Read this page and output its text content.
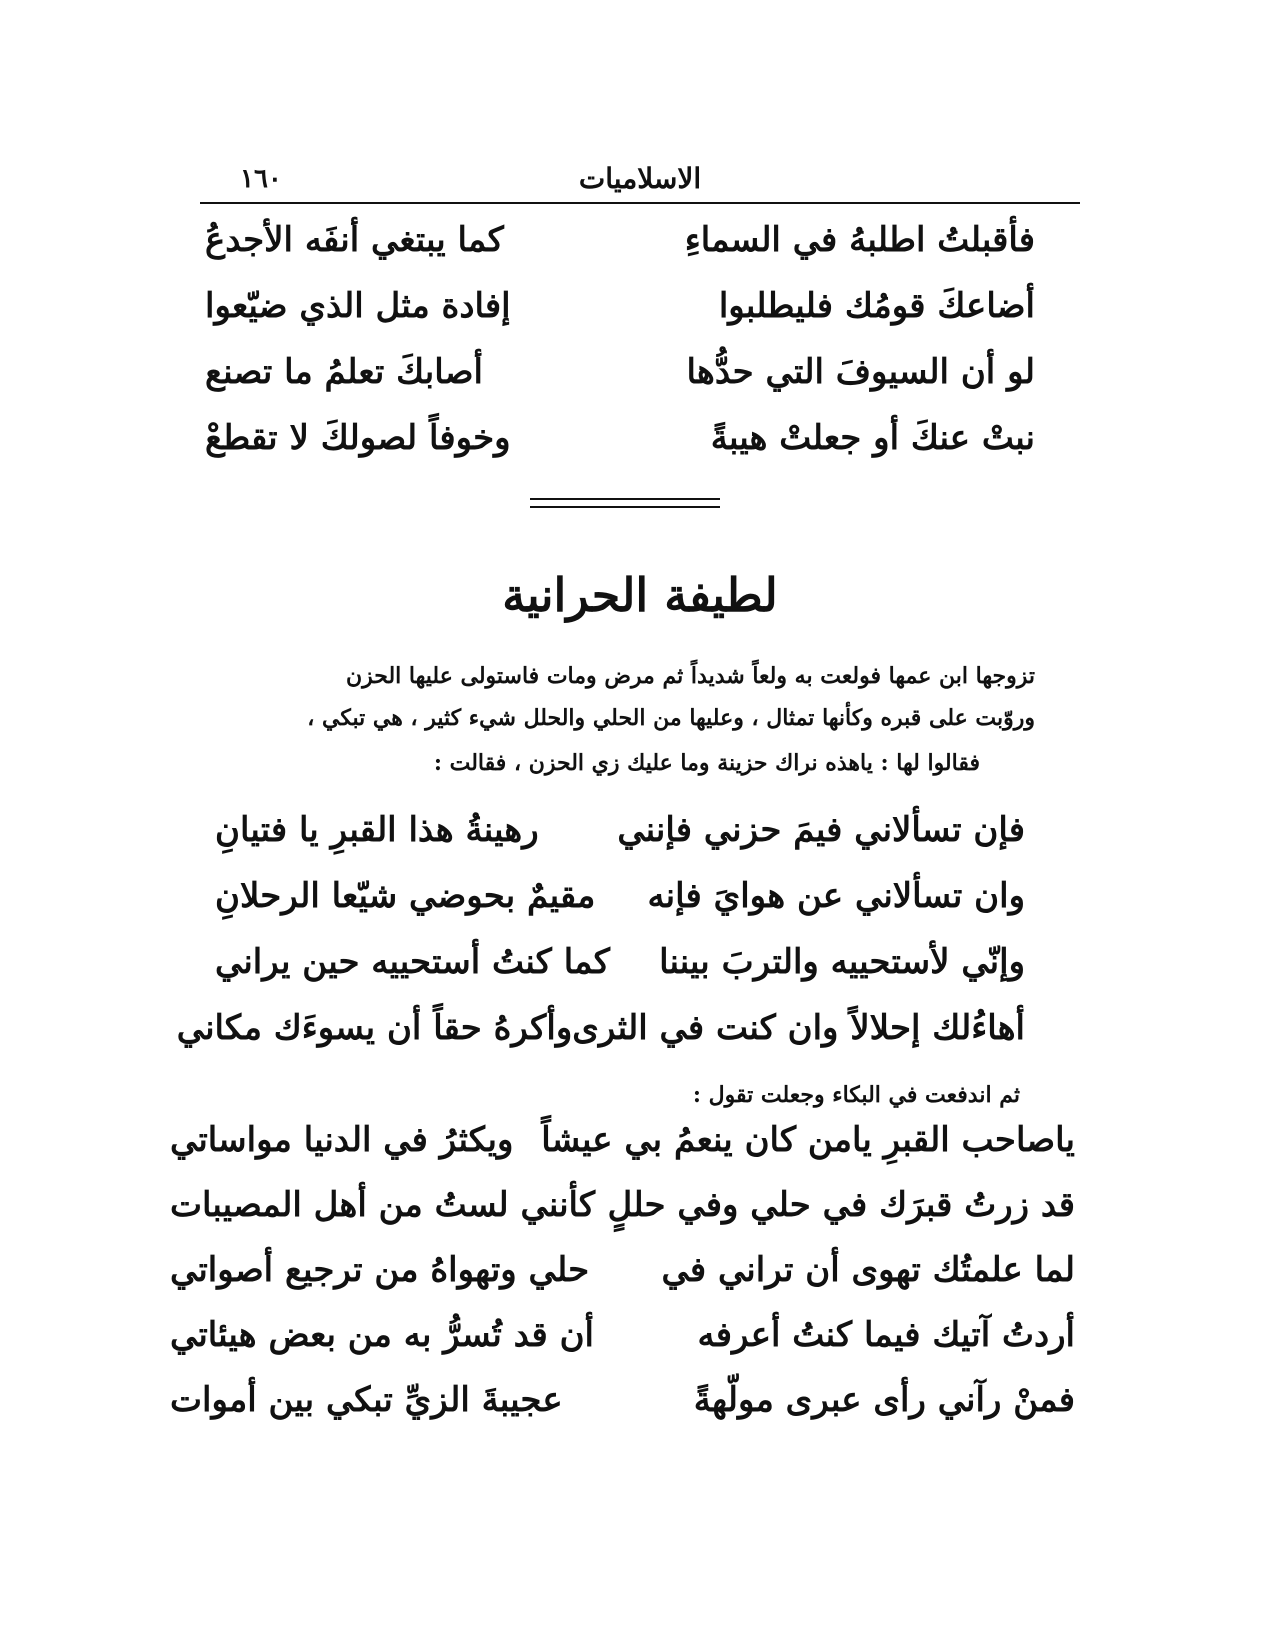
١٦٠	الاسلاميات
فأقبلتُ اطلبهُ في السماءِ
كما يبتغي أنفَه الأجدعُ
أضاعكَ قومُك فليطلبوا
إفادة مثل الذي ضيّعوا
لو أن السيوفَ التي حدُّها
أصابكَ تعلمُ ما تصنع
نبتْ عنكَ أو جعلتْ هيبةً
وخوفاً لصولكَ لا تقطعْ
لطيفة الحرانية
تزوجها ابن عمها فولعت به ولعاً شديداً ثم مرض ومات فاستولى عليها الحزن
وروّبت على قبره وكأنها تمثال ، وعليها من الحلي والحلل شيء كثير ، هي تبكي ،
فقالوا لها : ياهذه نراك حزينة وما عليك زي الحزن ، فقالت :
فإن تسألاني فيمَ حزني فإنني
رهينةُ هذا القبرِ يا فتيانِ
وان تسألاني عن هوايَ فإنه
مقيمٌ بحوضي شيّعا الرحلانِ
وإنّي لأستحييه والتربَ بيننا
كما كنتُ أستحييه حين يراني
أهاءُلك إحلالاً وان كنت في الثرى
وأكرهُ حقاً أن يسوءَك مكاني
ثم اندفعت في البكاء وجعلت تقول :
ياصاحب القبرِ يامن كان ينعمُ بي عيشاً
ويكثرُ في الدنيا مواساتي
قد زرتُ قبرَك في حلي وفي حللٍ
كأنني لستُ من أهل المصيبات
لما علمتُك تهوى أن تراني في
حلي وتهواهُ من ترجيع أصواتي
أردتُ آتيك فيما كنتُ أعرفه
أن قد تُسرُّ به من بعض هيئاتي
فمنْ رآني رأى عبرى مولّهةً
عجيبةَ الزيِّ تبكي بين أموات
